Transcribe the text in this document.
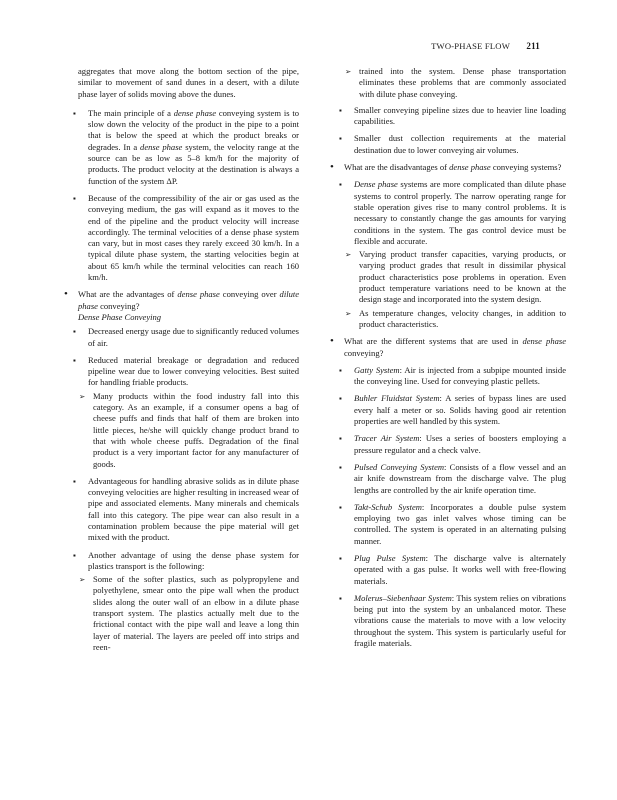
TWO-PHASE FLOW 211
aggregates that move along the bottom section of the pipe, similar to movement of sand dunes in a desert, with a dilute phase layer of solids moving above the dunes.
▪ The main principle of a dense phase conveying system is to slow down the velocity of the product in the pipe to a point that is below the speed at which the product breaks or degrades. In a dense phase system, the velocity range at the source can be as low as 5–8 km/h for the majority of products. The product velocity at the destination is always a function of the system ΔP.
▪ Because of the compressibility of the air or gas used as the conveying medium, the gas will expand as it moves to the end of the pipeline and the product velocity will increase accordingly. The terminal velocities of a dense phase system can vary, but in most cases they rarely exceed 30 km/h. In a typical dilute phase system, the starting velocities begin at about 65 km/h while the terminal velocities can reach 160 km/h.
• What are the advantages of dense phase conveying over dilute phase conveying?
Dense Phase Conveying
▪ Decreased energy usage due to significantly reduced volumes of air.
▪ Reduced material breakage or degradation and reduced pipeline wear due to lower conveying velocities. Best suited for handling friable products.
➢ Many products within the food industry fall into this category. As an example, if a consumer opens a bag of cheese puffs and finds that half of them are broken into little pieces, he/she will quickly change product brand to that with whole cheese puffs. Degradation of the final product is a very important factor for any manufacturer of goods.
▪ Advantageous for handling abrasive solids as in dilute phase conveying velocities are higher resulting in increased wear of pipe and associated elements. Many minerals and chemicals fall into this category. The pipe wear can also result in a contamination problem because the pipe material will get mixed with the product.
▪ Another advantage of using the dense phase system for plastics transport is the following:
➢ Some of the softer plastics, such as polypropylene and polyethylene, smear onto the pipe wall when the product slides along the outer wall of an elbow in a dilute phase transport system. The plastics actually melt due to the frictional contact with the pipe wall and leave a long thin layer of material. The layers are peeled off into strips and reen-
➢ trained into the system. Dense phase transportation eliminates these problems that are commonly associated with dilute phase conveying.
▪ Smaller conveying pipeline sizes due to heavier line loading capabilities.
▪ Smaller dust collection requirements at the material destination due to lower conveying air volumes.
• What are the disadvantages of dense phase conveying systems?
▪ Dense phase systems are more complicated than dilute phase systems to control properly. The narrow operating range for stable operation gives rise to many control problems. It is necessary to constantly change the gas amounts for varying conditions in the system. The gas control device must be flexible and accurate.
➢ Varying product transfer capacities, varying products, or varying product grades that result in dissimilar physical product characteristics pose problems in operation. Even product temperature variations need to be known at the design stage and incorporated into the system design.
➢ As temperature changes, velocity changes, in addition to product characteristics.
• What are the different systems that are used in dense phase conveying?
▪ Gatty System: Air is injected from a subpipe mounted inside the conveying line. Used for conveying plastic pellets.
▪ Buhler Fluidstat System: A series of bypass lines are used every half a meter or so. Solids having good air retention properties are well handled by this system.
▪ Tracer Air System: Uses a series of boosters employing a pressure regulator and a check valve.
▪ Pulsed Conveying System: Consists of a flow vessel and an air knife downstream from the discharge valve. The plug lengths are controlled by the air knife operation time.
▪ Takt-Schub System: Incorporates a double pulse system employing two gas inlet valves whose timing can be controlled. The system is operated in an alternating pulsing manner.
▪ Plug Pulse System: The discharge valve is alternately operated with a gas pulse. It works well with free-flowing materials.
▪ Molerus–Siebenhaar System: This system relies on vibrations being put into the system by an unbalanced motor. These vibrations cause the materials to move with a low velocity throughout the system. This system is particularly useful for fragile materials.
